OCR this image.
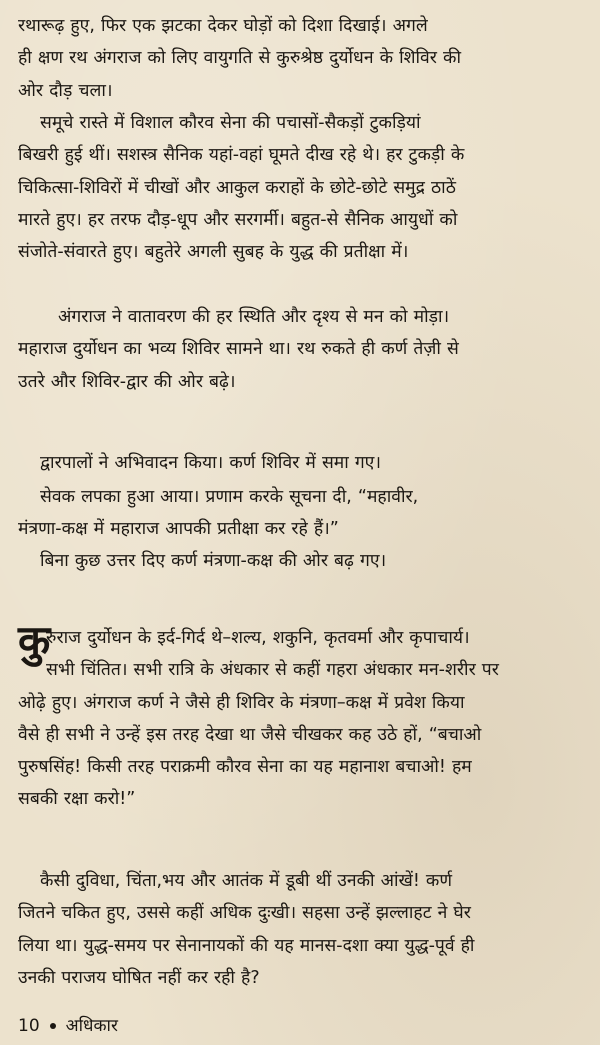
रथारूढ़ हुए, फिर एक झटका देकर घोड़ों को दिशा दिखाई। अगले
ही क्षण रथ अंगराज को लिए वायुगति से कुरुश्रेष्ठ दुर्योधन के शिविर की
ओर दौड़ चला।
समूचे रास्ते में विशाल कौरव सेना की पचासों-सैकड़ों टुकड़ियां
बिखरी हुई थीं। सशस्त्र सैनिक यहां-वहां घूमते दीख रहे थे। हर टुकड़ी के
चिकित्सा-शिविरों में चीखों और आकुल कराहों के छोटे-छोटे समुद्र ठाठें
मारते हुए। हर तरफ दौड़-धूप और सरगर्मी। बहुत-से सैनिक आयुधों को
संजोते-संवारते हुए। बहुतेरे अगली सुबह के युद्ध की प्रतीक्षा में।
अंगराज ने वातावरण की हर स्थिति और दृश्य से मन को मोड़ा।
महाराज दुर्योधन का भव्य शिविर सामने था। रथ रुकते ही कर्ण तेज़ी से
उतरे और शिविर-द्वार की ओर बढ़े।
द्वारपालों ने अभिवादन किया। कर्ण शिविर में समा गए।
सेवक लपका हुआ आया। प्रणाम करके सूचना दी, “महावीर,
मंत्रणा-कक्ष में महाराज आपकी प्रतीक्षा कर रहे हैं।”
बिना कुछ उत्तर दिए कर्ण मंत्रणा-कक्ष की ओर बढ़ गए।
कु
रुराज दुर्योधन के इर्द-गिर्द थे–शल्य, शकुनि, कृतवर्मा और कृपाचार्य।
सभी चिंतित। सभी रात्रि के अंधकार से कहीं गहरा अंधकार मन-शरीर पर
ओढ़े हुए। अंगराज कर्ण ने जैसे ही शिविर के मंत्रणा–कक्ष में प्रवेश किया
वैसे ही सभी ने उन्हें इस तरह देखा था जैसे चीखकर कह उठे हों, “बचाओ
पुरुषसिंह! किसी तरह पराक्रमी कौरव सेना का यह महानाश बचाओ! हम
सबकी रक्षा करो!”
कैसी दुविधा, चिंता,भय और आतंक में डूबी थीं उनकी आंखें! कर्ण
जितने चकित हुए, उससे कहीं अधिक दुःखी। सहसा उन्हें झल्लाहट ने घेर
लिया था। युद्ध-समय पर सेनानायकों की यह मानस-दशा क्या युद्ध-पूर्व ही
उनकी पराजय घोषित नहीं कर रही है?
10 अधिकार
